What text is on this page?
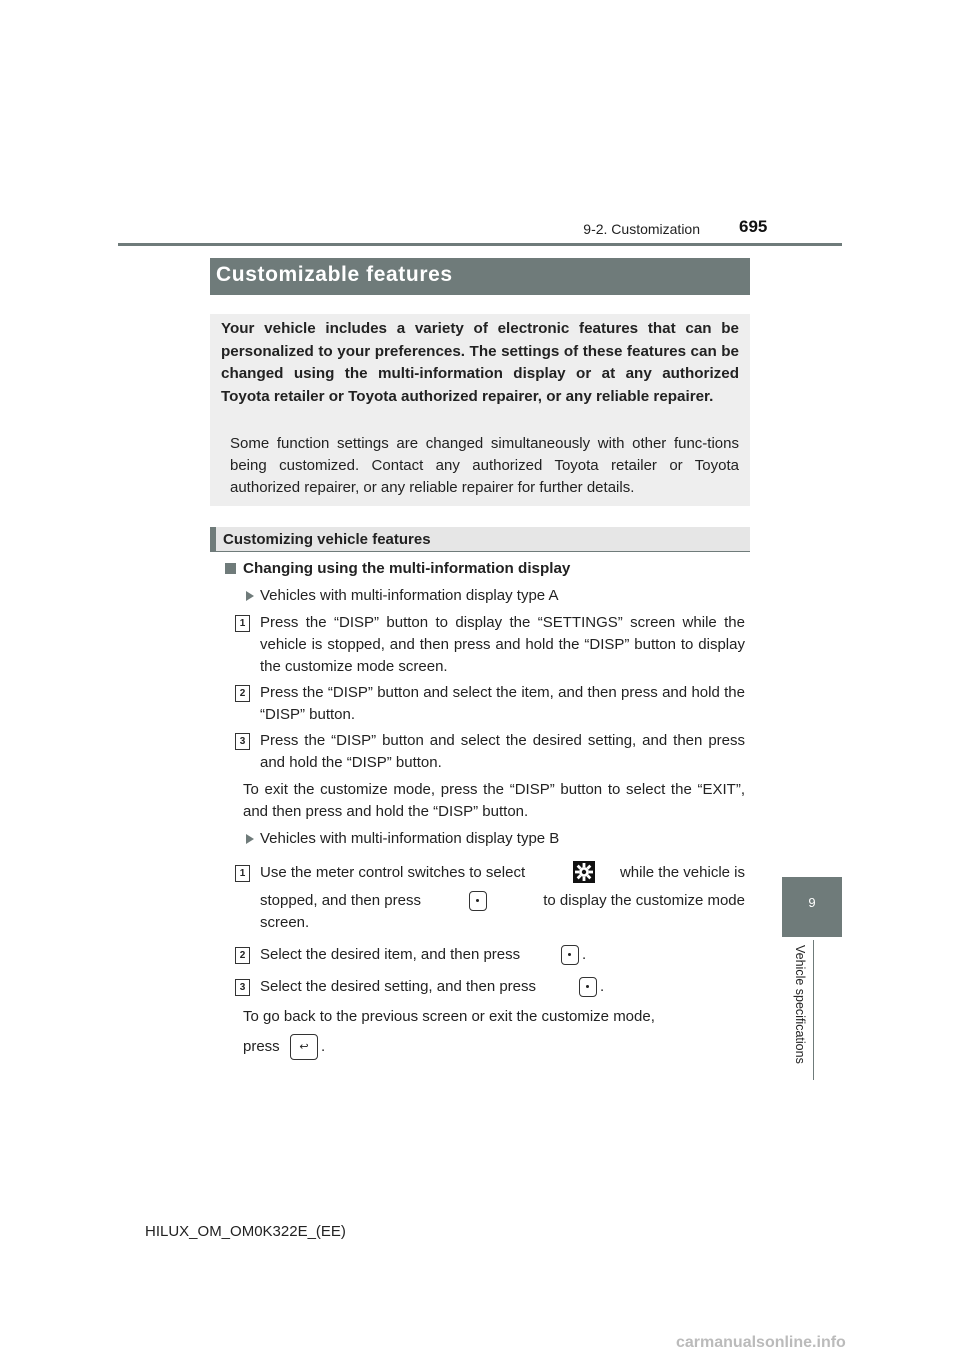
9-2. Customization 695
9
Vehicle specifications
Customizable features
Your vehicle includes a variety of electronic features that can be personalized to your preferences. The settings of these features can be changed using the multi-information display or at any authorized Toyota retailer or Toyota authorized repairer, or any reliable repairer.
Some function settings are changed simultaneously with other func-tions being customized. Contact any authorized Toyota retailer or Toyota authorized repairer, or any reliable repairer for further details.
Customizing vehicle features
Changing using the multi-information display
Vehicles with multi-information display type A
1 Press the “DISP” button to display the “SETTINGS” screen while the vehicle is stopped, and then press and hold the “DISP” button to display the customize mode screen.
2 Press the “DISP” button and select the item, and then press and hold the “DISP” button.
3 Press the “DISP” button and select the desired setting, and then press and hold the “DISP” button.
To exit the customize mode, press the “DISP” button to select the “EXIT”, and then press and hold the “DISP” button.
Vehicles with multi-information display type B
1 Use the meter control switches to select	while the vehicle is
stopped, and then press	to display the customize mode
screen.
2 Select the desired item, and then press	.
3 Select the desired setting, and then press	.
To go back to the previous screen or exit the customize mode,
press	↩ .
HILUX_OM_OM0K322E_(EE)
carmanualsonline.info
